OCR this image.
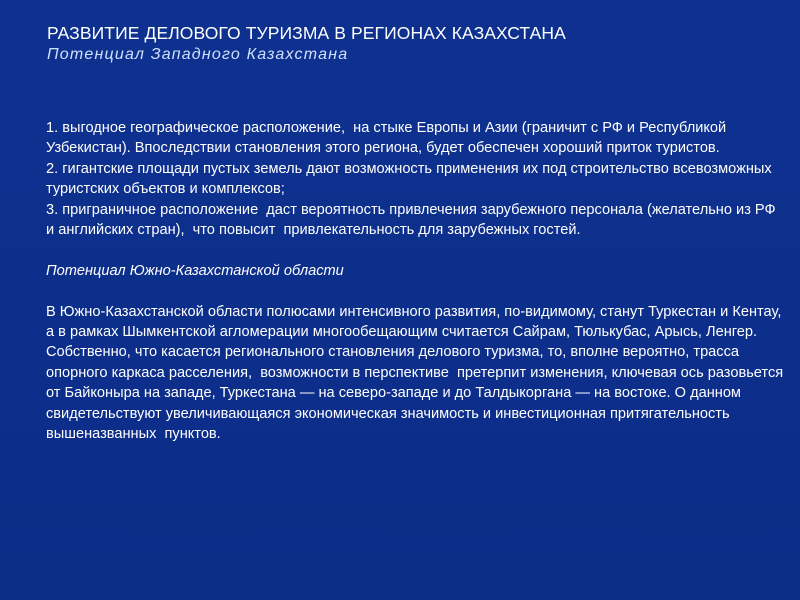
РАЗВИТИЕ ДЕЛОВОГО ТУРИЗМА В РЕГИОНАХ КАЗАХСТАНА
Потенциал Западного Казахстана

1. выгодное географическое расположение,  на стыке Европы и Азии (граничит с РФ и Республикой Узбекистан). Впоследствии становления этого региона, будет обеспечен хороший приток туристов.

2. гигантские площади пустых земель дают возможность применения их под строительство всевозможных туристских объектов и комплексов;

3. приграничное расположение  даст вероятность привлечения зарубежного персонала (желательно из РФ и английских стран),  что повысит  привлекательность для зарубежных гостей.

Потенциал Южно-Казахстанской области

В Южно-Казахстанской области полюсами интенсивного развития, по-видимому, станут Туркестан и Кентау, а в рамках Шымкентской агломерации многообещающим считается Сайрам, Тюлькубас, Арысь, Ленгер. Собственно, что касается регионального становления делового туризма, то, вполне вероятно, трасса опорного каркаса расселения,  возможности в перспективе  претерпит изменения, ключевая ось разовьется от Байконыра на западе, Туркестана — на северо-западе и до Талдыкоргана — на востоке. О данном свидетельствуют увеличивающаяся экономическая значимость и инвестиционная притягательность вышеназванных  пунктов.
